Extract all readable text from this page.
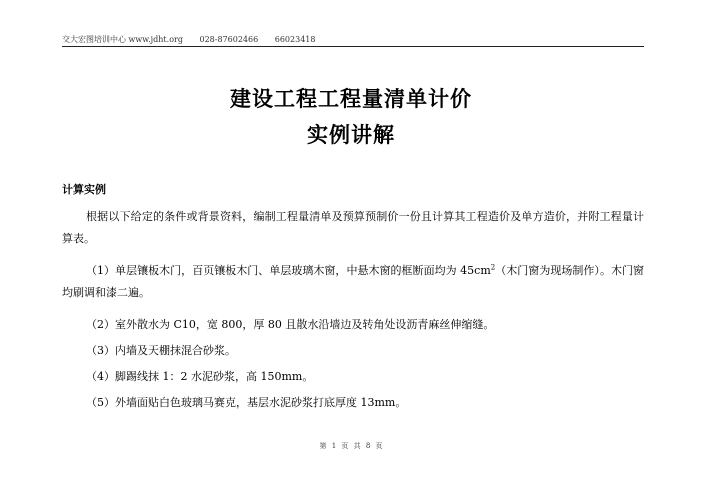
交大宏图培训中心 www.jdht.org 028-87602466 66023418
建设工程工程量清单计价
实例讲解
计算实例
根据以下给定的条件或背景资料，编制工程量清单及预算预制价一份且计算其工程造价及单方造价，并附工程量计算表。
（1）单层镶板木门，百页镶板木门、单层玻璃木窗，中悬木窗的框断面均为 $45cm^2$（木门窗为现场制作）。木门窗均刷调和漆二遍。
（2）室外散水为 C10，宽 800，厚 80 且散水沿墙边及转角处设沥青麻丝伸缩缝。
（3）内墙及天棚抹混合砂浆。
（4）脚踢线抹 1：2 水泥砂浆，高 150mm。
（5）外墙面贴白色玻璃马赛克，基层水泥砂浆打底厚度 13mm。
第 1 页 共 8 页
